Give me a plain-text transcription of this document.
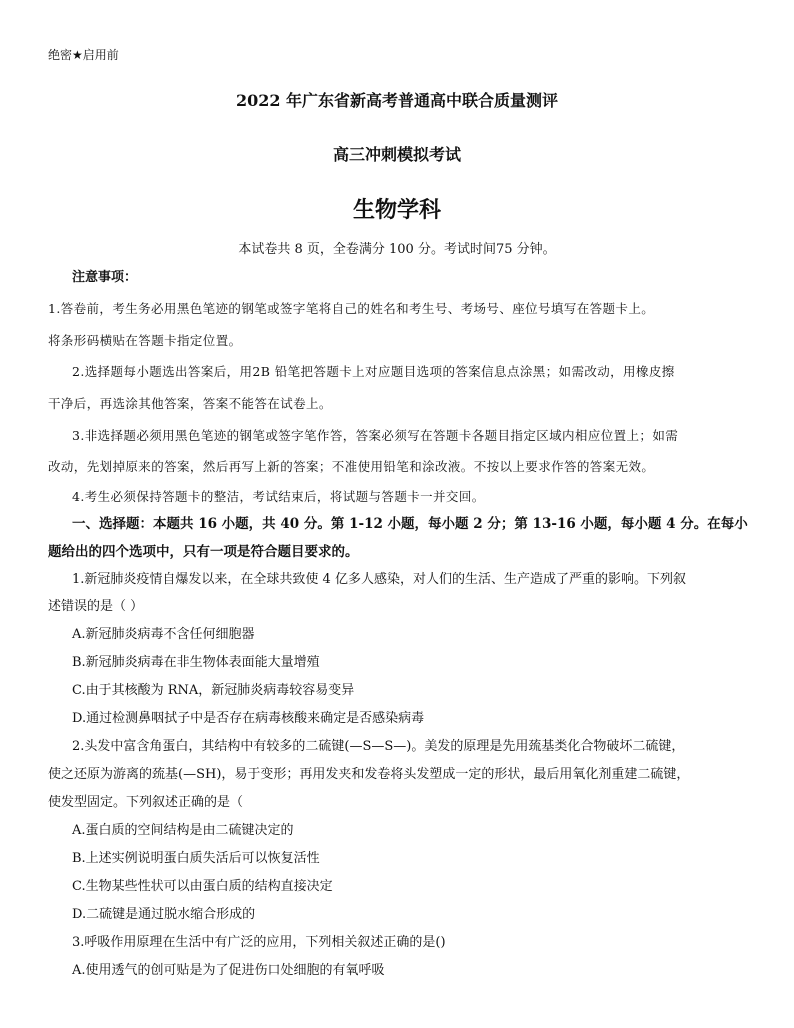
绝密★启用前
2022 年广东省新高考普通高中联合质量测评
高三冲刺模拟考试
生物学科
本试卷共 8 页，全卷满分 100 分。考试时间75 分钟。
注意事项：
1.答卷前，考生务必用黑色笔迹的钢笔或签字笔将自己的姓名和考生号、考场号、座位号填写在答题卡上。
将条形码横贴在答题卡指定位置。
2.选择题每小题选出答案后，用2B 铅笔把答题卡上对应题目选项的答案信息点涂黑；如需改动，用橡皮擦
干净后，再选涂其他答案，答案不能答在试卷上。
3.非选择题必须用黑色笔迹的钢笔或签字笔作答，答案必须写在答题卡各题目指定区域内相应位置上；如需
改动，先划掉原来的答案，然后再写上新的答案；不准使用铅笔和涂改液。不按以上要求作答的答案无效。
4.考生必须保持答题卡的整洁，考试结束后，将试题与答题卡一并交回。
一、选择题：本题共 16 小题，共 40 分。第 1-12 小题，每小题 2 分；第 13-16 小题，每小题 4 分。在每小
题给出的四个选项中，只有一项是符合题目要求的。
1.新冠肺炎疫情自爆发以来，在全球共致使 4 亿多人感染，对人们的生活、生产造成了严重的影响。下列叙
述错误的是（ ）
A.新冠肺炎病毒不含任何细胞器
B.新冠肺炎病毒在非生物体表面能大量增殖
C.由于其核酸为 RNA，新冠肺炎病毒较容易变异
D.通过检测鼻咽拭子中是否存在病毒核酸来确定是否感染病毒
2.头发中富含角蛋白，其结构中有较多的二硫键(—S—S—)。美发的原理是先用巯基类化合物破坏二硫键，
使之还原为游离的巯基(—SH)，易于变形；再用发夹和发卷将头发塑成一定的形状，最后用氧化剂重建二硫键，
使发型固定。下列叙述正确的是（
A.蛋白质的空间结构是由二硫键决定的
B.上述实例说明蛋白质失活后可以恢复活性
C.生物某些性状可以由蛋白质的结构直接决定
D.二硫键是通过脱水缩合形成的
3.呼吸作用原理在生活中有广泛的应用，下列相关叙述正确的是()
A.使用透气的创可贴是为了促进伤口处细胞的有氧呼吸
